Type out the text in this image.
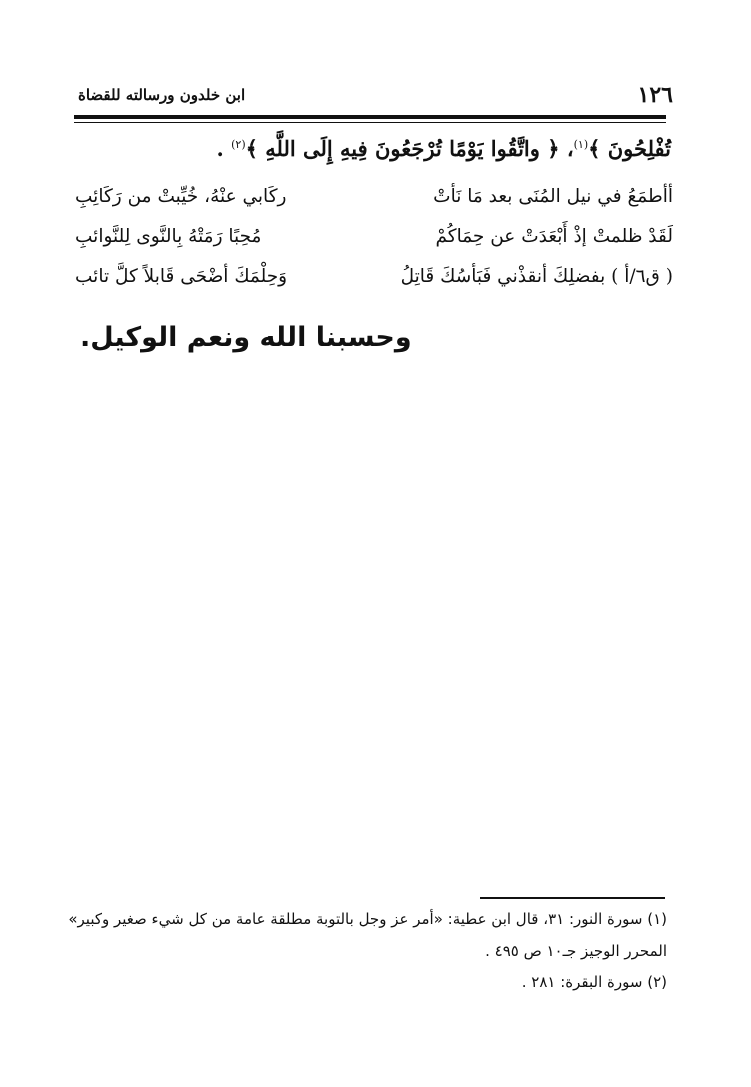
١٢٦
ابن خلدون ورسالته للقضاة
تُفْلِحُونَ ﴾$^{(١)}$، ﴿ واتَّقُوا يَوْمًا تُرْجَعُونَ فِيهِ إِلَى اللَّهِ ﴾$^{(٢)}$ .
أأطمَعُ في نيل المُنَى بعد مَا نَأتْ
ركَابي عنْهُ، خُيِّبتْ من رَكَائِبِ
لَقَدْ ظلمتْ إذْ أَبْعَدَتْ عن حِمَاكُمْ
مُحِبًا رَمَتْهُ بِالنَّوى لِلنَّوائبِ
( ق٦/أ ) بفضلِكَ أنقذْني فَبَأسُكَ قَاتِلُ
وَحِلْمَكَ أضْحَى قَابلاً كلَّ تائب
وحسبنا الله ونعم الوكيل.
(١) سورة النور: ٣١، قال ابن عطية: «أمر عز وجل بالتوبة مطلقة عامة من كل شيء صغير وكبير»
المحرر الوجيز جـ١٠ ص ٤٩٥ .
(٢) سورة البقرة: ٢٨١ .
